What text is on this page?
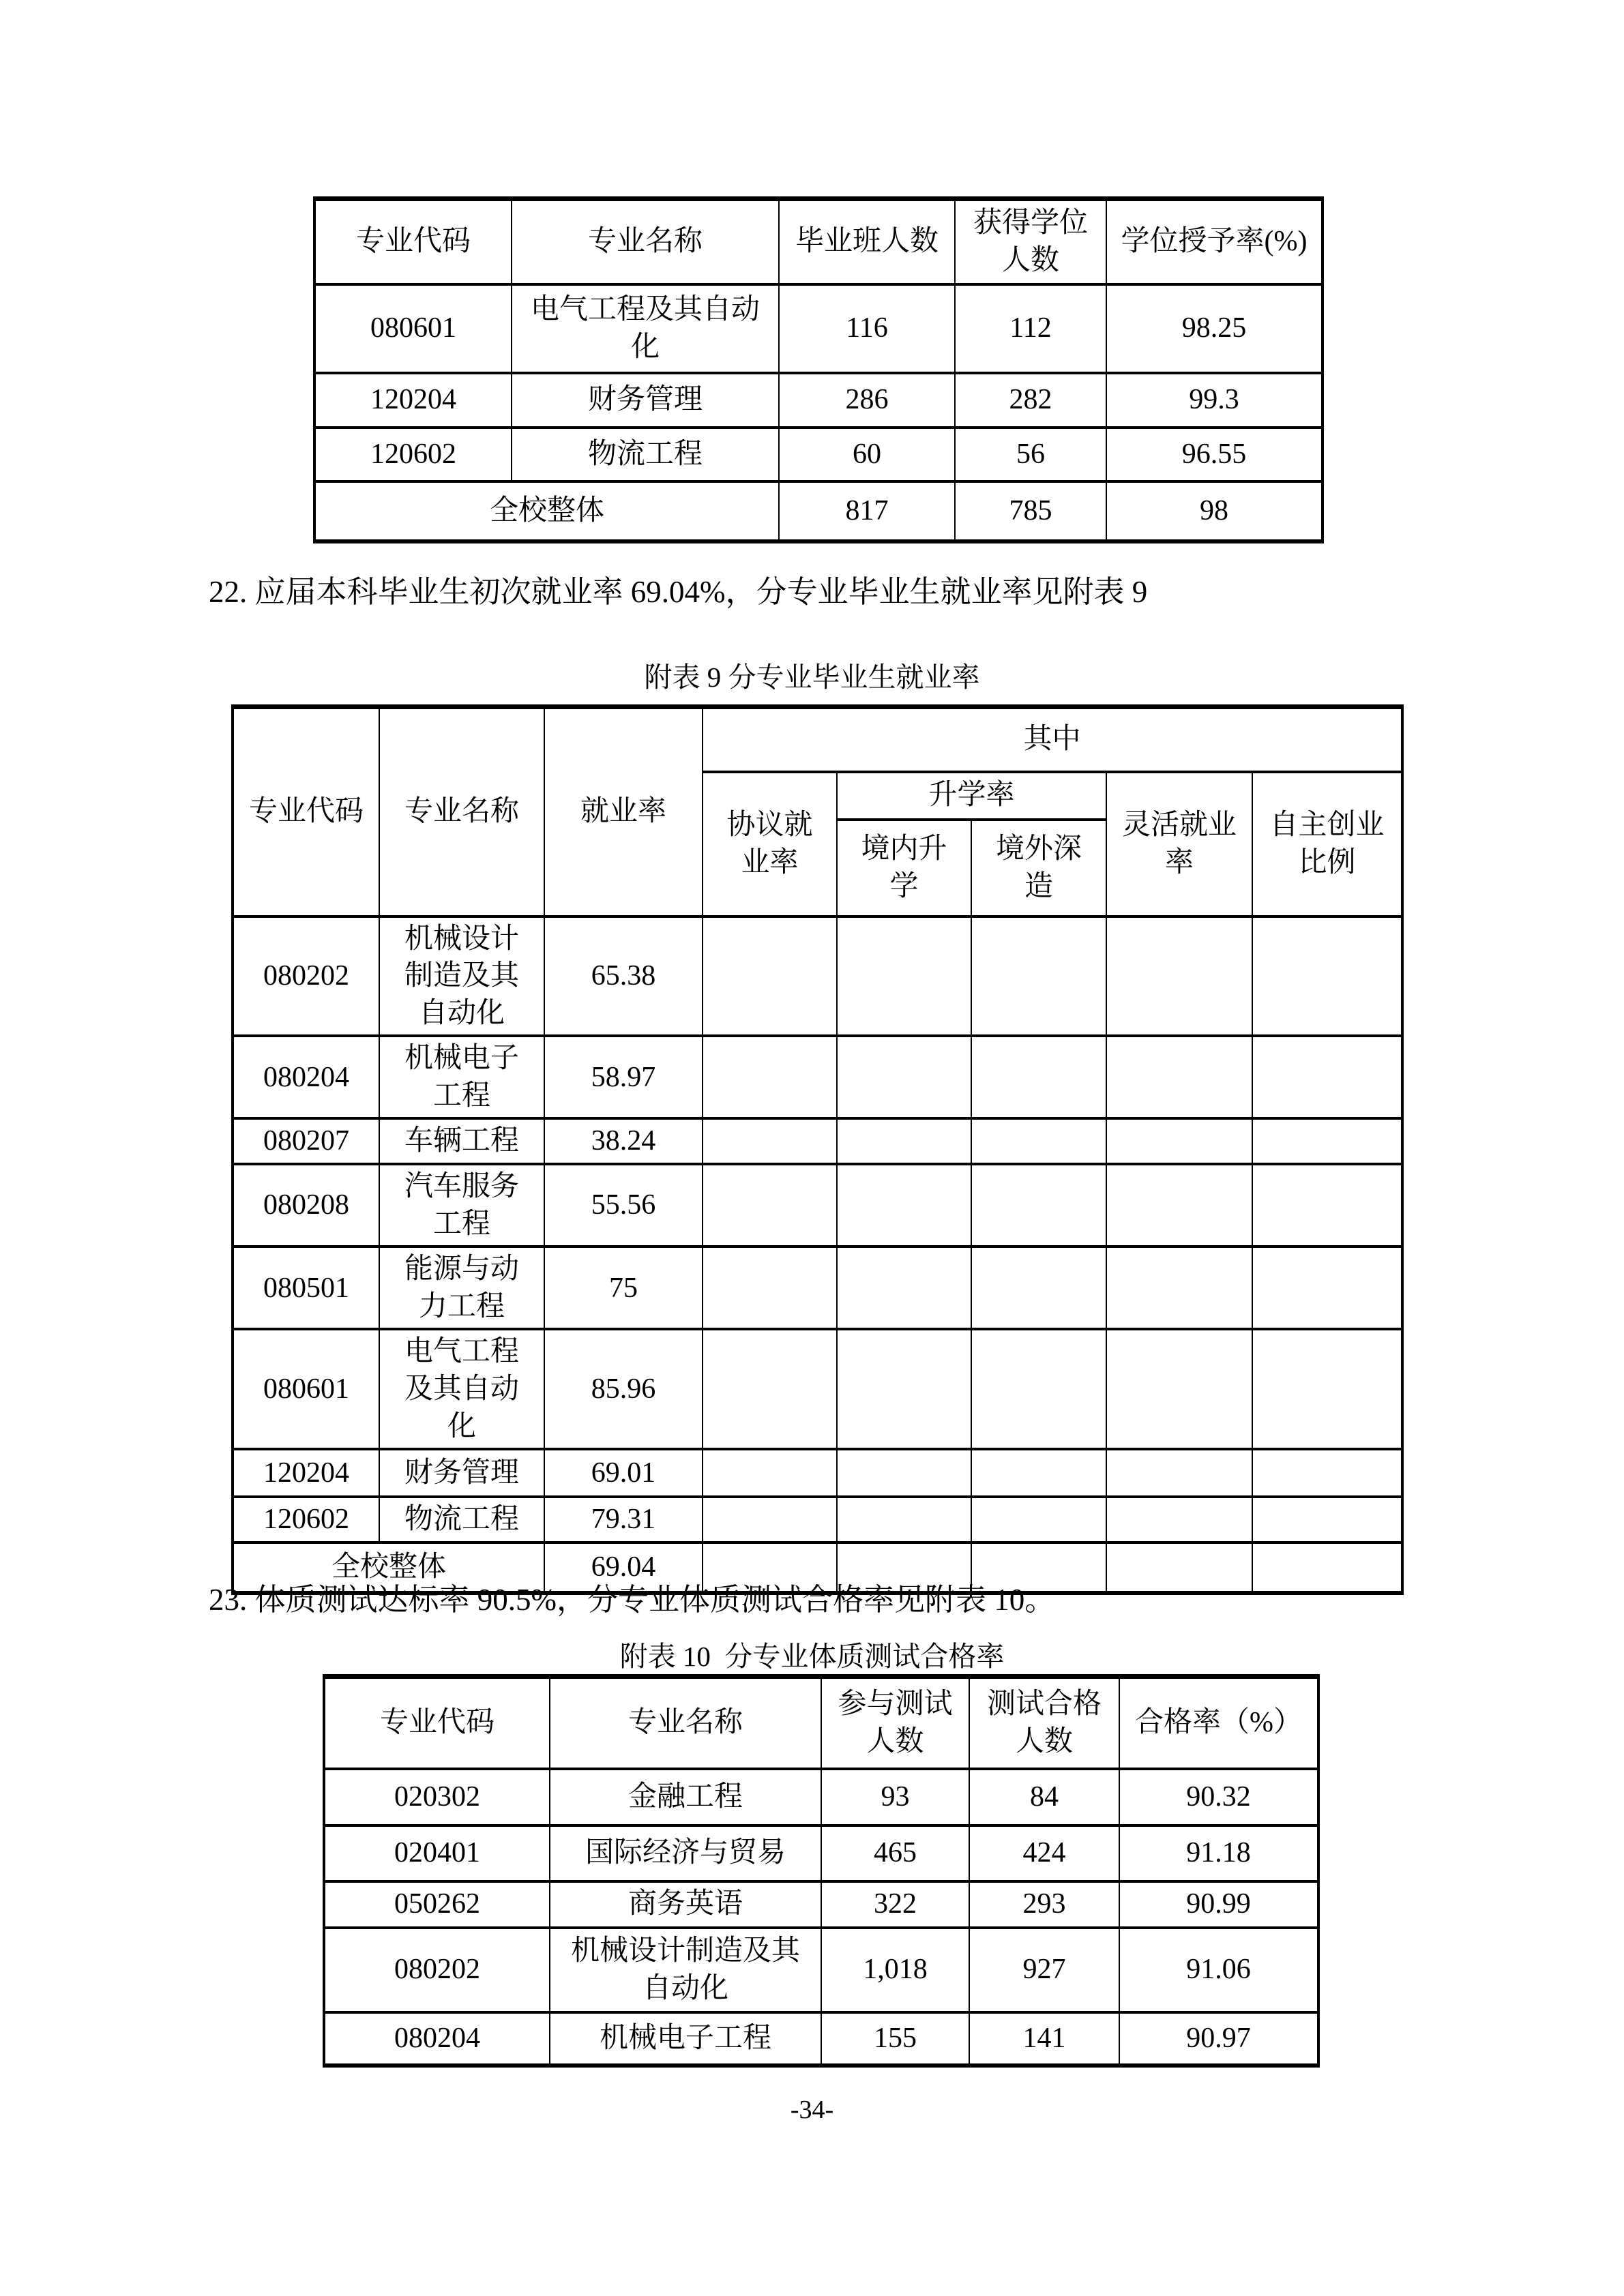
专业代码	专业名称	毕业班人数	获得学位人数	学位授予率(%)
080601	电气工程及其自动化	116	112	98.25
120204	财务管理	286	282	99.3
120602	物流工程	60	56	96.55
全校整体		817	785	98
22. 应届本科毕业生初次就业率 69.04%，分专业毕业生就业率见附表 9
附表 9 分专业毕业生就业率
专业代码	专业名称	就业率	其中				
			协议就业率	升学率		灵活就业率	自主创业比例
				境内升学	境外深造		
080202	机械设计制造及其自动化	65.38					
080204	机械电子工程	58.97					
080207	车辆工程	38.24					
080208	汽车服务工程	55.56					
080501	能源与动力工程	75					
080601	电气工程及其自动化	85.96					
120204	财务管理	69.01					
120602	物流工程	79.31					
全校整体		69.04					
23. 体质测试达标率 90.5%，分专业体质测试合格率见附表 10。
附表 10  分专业体质测试合格率
专业代码	专业名称	参与测试人数	测试合格人数	合格率（%）
020302	金融工程	93	84	90.32
020401	国际经济与贸易	465	424	91.18
050262	商务英语	322	293	90.99
080202	机械设计制造及其自动化	1,018	927	91.06
080204	机械电子工程	155	141	90.97
-34-
